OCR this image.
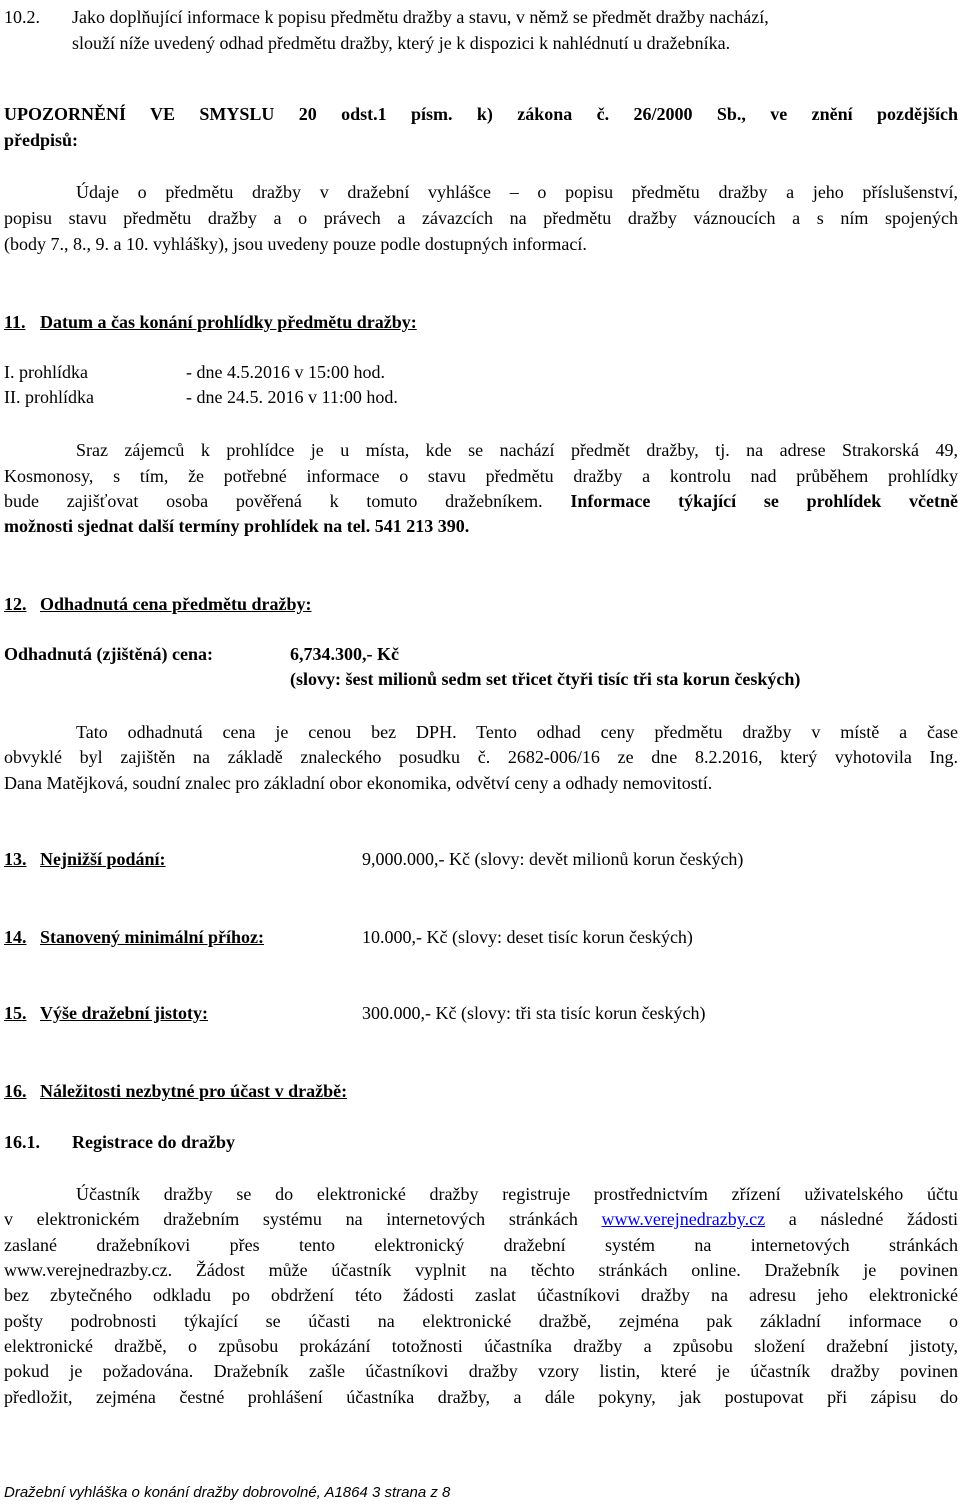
10.2. Jako doplňující informace k popisu předmětu dražby a stavu, v němž se předmět dražby nachází,
slouží níže uvedený odhad předmětu dražby, který je k dispozici k nahlédnutí u dražebníka.
UPOZORNĚNÍ VE SMYSLU 20 odst.1 písm. k) zákona č. 26/2000 Sb., ve znění pozdějších
předpisů:
Údaje o předmětu dražby v dražební vyhlášce – o popisu předmětu dražby a jeho příslušenství,
popisu stavu předmětu dražby a o právech a závazcích na předmětu dražby váznoucích a s ním spojených
(body 7., 8., 9. a 10. vyhlášky), jsou uvedeny pouze podle dostupných informací.
11. Datum a čas konání prohlídky předmětu dražby:
I. prohlídka	- dne 4.5.2016 v 15:00 hod.
II. prohlídka	- dne 24.5. 2016 v 11:00 hod.
Sraz zájemců k prohlídce je u místa, kde se nachází předmět dražby, tj. na adrese Strakorská 49,
Kosmonosy, s tím, že potřebné informace o stavu předmětu dražby a kontrolu nad průběhem prohlídky
bude zajišťovat osoba pověřená k tomuto dražebníkem. Informace týkající se prohlídek včetně
možnosti sjednat další termíny prohlídek na tel. 541 213 390.
12. Odhadnutá cena předmětu dražby:
Odhadnutá (zjištěná) cena:	6,734.300,- Kč
(slovy: šest milionů sedm set třicet čtyři tisíc tři sta korun českých)
Tato odhadnutá cena je cenou bez DPH. Tento odhad ceny předmětu dražby v místě a čase
obvyklé byl zajištěn na základě znaleckého posudku č. 2682-006/16 ze dne 8.2.2016, který vyhotovila Ing.
Dana Matějková, soudní znalec pro základní obor ekonomika, odvětví ceny a odhady nemovitostí.
13. Nejnižší podání:	9,000.000,- Kč (slovy: devět milionů korun českých)
14. Stanovený minimální příhoz:	10.000,- Kč (slovy: deset tisíc korun českých)
15. Výše dražební jistoty:	300.000,- Kč (slovy: tři sta tisíc korun českých)
16. Náležitosti nezbytné pro účast v dražbě:
16.1. Registrace do dražby
Účastník dražby se do elektronické dražby registruje prostřednictvím zřízení uživatelského účtu
v elektronickém dražebním systému na internetových stránkách www.verejnedrazby.cz a následné žádosti
zaslané dražebníkovi přes tento elektronický dražební systém na internetových stránkách
www.verejnedrazby.cz. Žádost může účastník vyplnit na těchto stránkách online. Dražebník je povinen
bez zbytečného odkladu po obdržení této žádosti zaslat účastníkovi dražby na adresu jeho elektronické
pošty podrobnosti týkající se účasti na elektronické dražbě, zejména pak základní informace o
elektronické dražbě, o způsobu prokázání totožnosti účastníka dražby a způsobu složení dražební jistoty,
pokud je požadována. Dražebník zašle účastníkovi dražby vzory listin, které je účastník dražby povinen
předložit, zejména čestné prohlášení účastníka dražby, a dále pokyny, jak postupovat při zápisu do
Dražební vyhláška o konání dražby dobrovolné, A1864 3 strana z 8
